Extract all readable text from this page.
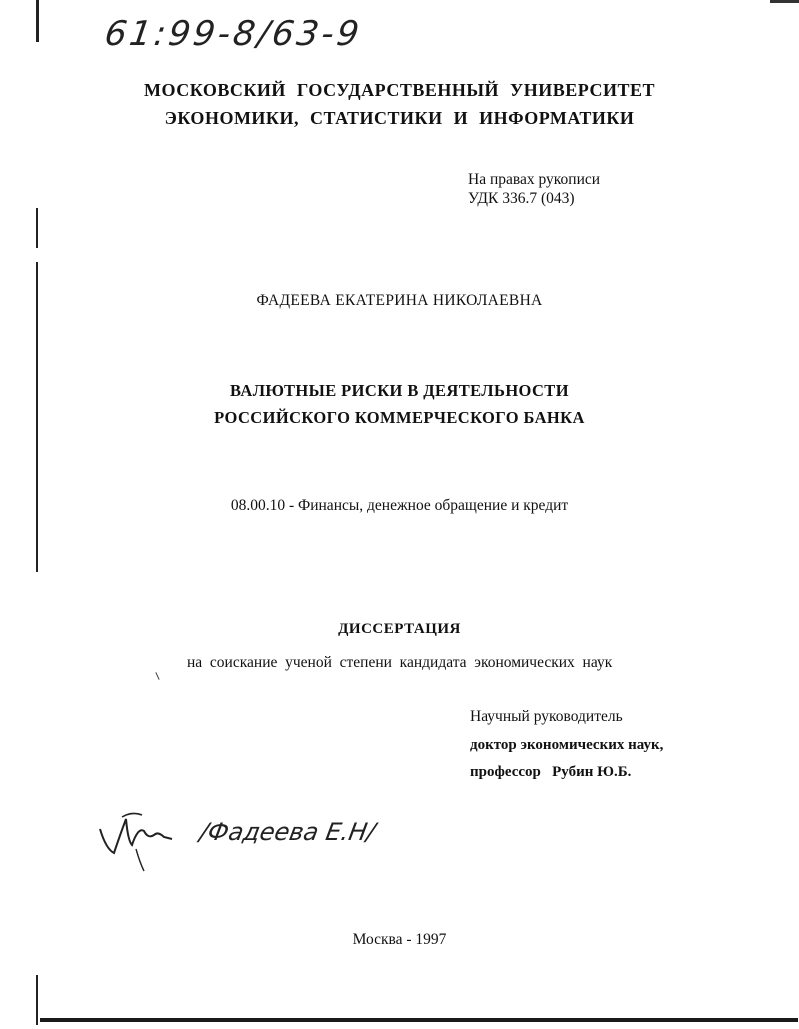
61:99-8/63-9
МОСКОВСКИЙ ГОСУДАРСТВЕННЫЙ УНИВЕРСИТЕТ
ЭКОНОМИКИ, СТАТИСТИКИ И ИНФОРМАТИКИ
На правах рукописи
УДК 336.7 (043)
ФАДЕЕВА ЕКАТЕРИНА НИКОЛАЕВНА
ВАЛЮТНЫЕ РИСКИ В ДЕЯТЕЛЬНОСТИ
РОССИЙСКОГО КОММЕРЧЕСКОГО БАНКА
08.00.10 - Финансы, денежное обращение и кредит
ДИССЕРТАЦИЯ
на  соискание  ученой  степени  кандидата  экономических  наук
Научный руководитель
доктор экономических наук,
профессор   Рубин Ю.Б.
/Фадеева Е.Н/
Москва - 1997
